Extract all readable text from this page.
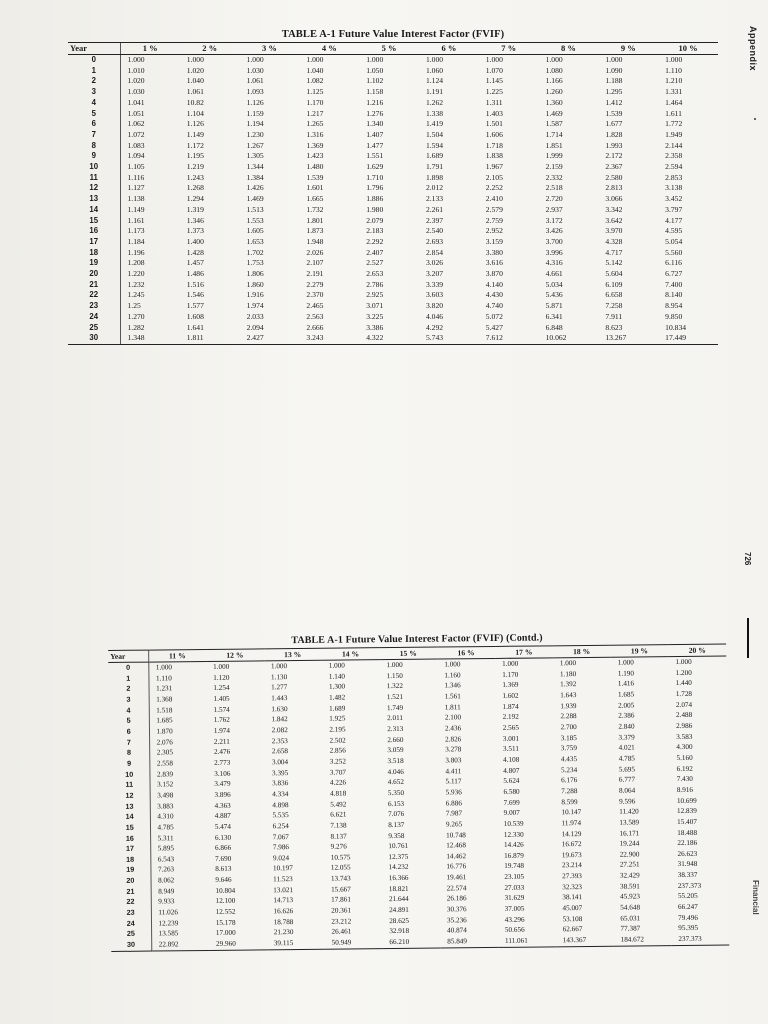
TABLE A-1 Future Value Interest Factor (FVIF)
Year	1 %	2 %	3 %	4 %	5 %	6 %	7 %	8 %	9 %	10 %
0	1.000	1.000	1.000	1.000	1.000	1.000	1.000	1.000	1.000	1.000
1	1.010	1.020	1.030	1.040	1.050	1.060	1.070	1.080	1.090	1.110
2	1.020	1.040	1.061	1.082	1.102	1.124	1.145	1.166	1.188	1.210
3	1.030	1.061	1.093	1.125	1.158	1.191	1.225	1.260	1.295	1.331
4	1.041	10.82	1.126	1.170	1.216	1.262	1.311	1.360	1.412	1.464
5	1.051	1.104	1.159	1.217	1.276	1.338	1.403	1.469	1.539	1.611
6	1.062	1.126	1.194	1.265	1.340	1.419	1.501	1.587	1.677	1.772
7	1.072	1.149	1.230	1.316	1.407	1.504	1.606	1.714	1.828	1.949
8	1.083	1.172	1.267	1.369	1.477	1.594	1.718	1.851	1.993	2.144
9	1.094	1.195	1.305	1.423	1.551	1.689	1.838	1.999	2.172	2.358
10	1.105	1.219	1.344	1.480	1.629	1.791	1.967	2.159	2.367	2.594
11	1.116	1.243	1.384	1.539	1.710	1.898	2.105	2.332	2.580	2.853
12	1.127	1.268	1.426	1.601	1.796	2.012	2.252	2.518	2.813	3.138
13	1.138	1.294	1.469	1.665	1.886	2.133	2.410	2.720	3.066	3.452
14	1.149	1.319	1.513	1.732	1.980	2.261	2.579	2.937	3.342	3.797
15	1.161	1.346	1.553	1.801	2.079	2.397	2.759	3.172	3.642	4.177
16	1.173	1.373	1.605	1.873	2.183	2.540	2.952	3.426	3.970	4.595
17	1.184	1.400	1.653	1.948	2.292	2.693	3.159	3.700	4.328	5.054
18	1.196	1.428	1.702	2.026	2.407	2.854	3.380	3.996	4.717	5.560
19	1.208	1.457	1.753	2.107	2.527	3.026	3.616	4.316	5.142	6.116
20	1.220	1.486	1.806	2.191	2.653	3.207	3.870	4.661	5.604	6.727
21	1.232	1.516	1.860	2.279	2.786	3.339	4.140	5.034	6.109	7.400
22	1.245	1.546	1.916	2.370	2.925	3.603	4.430	5.436	6.658	8.140
23	1.25	1.577	1.974	2.465	3.071	3.820	4.740	5.871	7.258	8.954
24	1.270	1.608	2.033	2.563	3.225	4.046	5.072	6.341	7.911	9.850
25	1.282	1.641	2.094	2.666	3.386	4.292	5.427	6.848	8.623	10.834
30	1.348	1.811	2.427	3.243	4.322	5.743	7.612	10.062	13.267	17.449
TABLE A-1 Future Value Interest Factor (FVIF) (Contd.)
Year	11 %	12 %	13 %	14 %	15 %	16 %	17 %	18 %	19 %	20 %
0	1.000	1.000	1.000	1.000	1.000	1.000	1.000	1.000	1.000	1.000
1	1.110	1.120	1.130	1.140	1.150	1.160	1.170	1.180	1.190	1.200
2	1.231	1.254	1.277	1.300	1.322	1.346	1.369	1.392	1.416	1.440
3	1.368	1.405	1.443	1.482	1.521	1.561	1.602	1.643	1.685	1.728
4	1.518	1.574	1.630	1.689	1.749	1.811	1.874	1.939	2.005	2.074
5	1.685	1.762	1.842	1.925	2.011	2.100	2.192	2.288	2.386	2.488
6	1.870	1.974	2.082	2.195	2.313	2.436	2.565	2.700	2.840	2.986
7	2.076	2.211	2.353	2.502	2.660	2.826	3.001	3.185	3.379	3.583
8	2.305	2.476	2.658	2.856	3.059	3.278	3.511	3.759	4.021	4.300
9	2.558	2.773	3.004	3.252	3.518	3.803	4.108	4.435	4.785	5.160
10	2.839	3.106	3.395	3.707	4.046	4.411	4.807	5.234	5.695	6.192
11	3.152	3.479	3.836	4.226	4.652	5.117	5.624	6.176	6.777	7.430
12	3.498	3.896	4.334	4.818	5.350	5.936	6.580	7.288	8.064	8.916
13	3.883	4.363	4.898	5.492	6.153	6.886	7.699	8.599	9.596	10.699
14	4.310	4.887	5.535	6.621	7.076	7.987	9.007	10.147	11.420	12.839
15	4.785	5.474	6.254	7.138	8.137	9.265	10.539	11.974	13.589	15.407
16	5.311	6.130	7.067	8.137	9.358	10.748	12.330	14.129	16.171	18.488
17	5.895	6.866	7.986	9.276	10.761	12.468	14.426	16.672	19.244	22.186
18	6.543	7.690	9.024	10.575	12.375	14.462	16.879	19.673	22.900	26.623
19	7.263	8.613	10.197	12.055	14.232	16.776	19.748	23.214	27.251	31.948
20	8.062	9.646	11.523	13.743	16.366	19.461	23.105	27.393	32.429	38.337
21	8.949	10.804	13.021	15.667	18.821	22.574	27.033	32.323	38.591	237.373
22	9.933	12.100	14.713	17.861	21.644	26.186	31.629	38.141	45.923	55.205
23	11.026	12.552	16.626	20.361	24.891	30.376	37.005	45.007	54.648	66.247
24	12.239	15.178	18.788	23.212	28.625	35.236	43.296	53.108	65.031	79.496
25	13.585	17.000	21.230	26.461	32.918	40.874	50.656	62.667	77.387	95.395
30	22.892	29.960	39.115	50.949	66.210	85.849	111.061	143.367	184.672	237.373
Appendix
726
Financial
